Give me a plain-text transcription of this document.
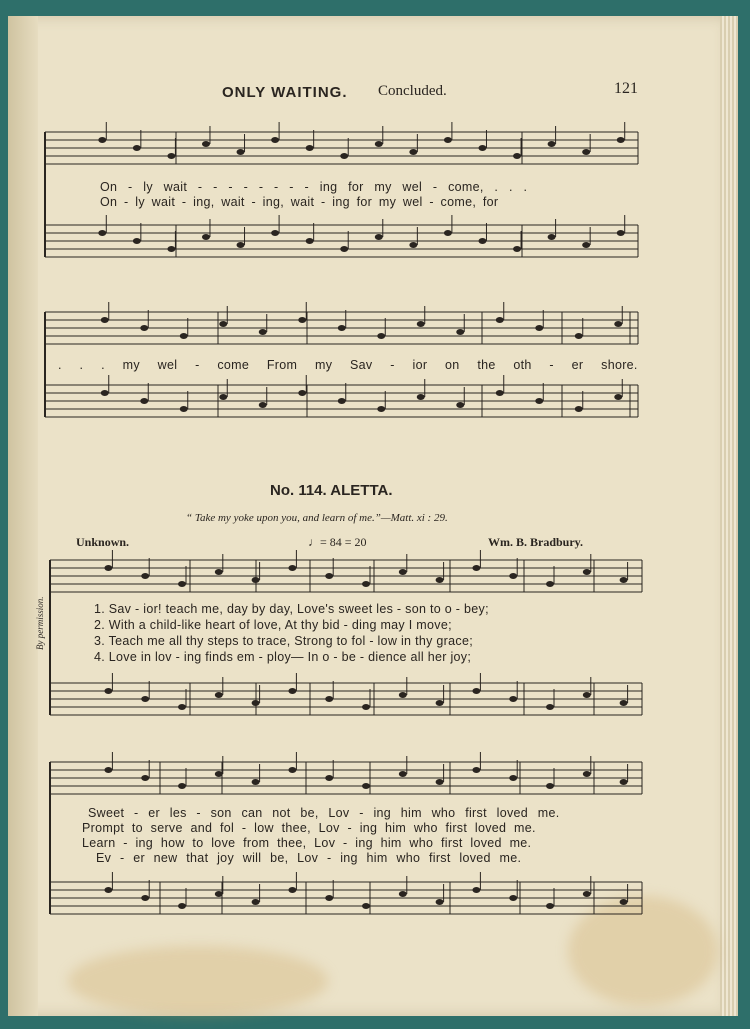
ONLY WAITING. Concluded.	121
On - ly wait - - - - - - - - ing for my wel - come, . . .
On - ly wait - ing, wait - ing, wait - ing for my wel - come, for
. . . my wel - come From my Sav - ior on the oth - er shore.
No. 114. ALETTA.
“ Take my yoke upon you, and learn of me.”—Matt. xi : 29.
Unknown.	♩= 84 = 20	Wm. B. Bradbury.
By permission.	1. Sav - ior! teach me, day by day, Love's sweet les - son to o - bey;
2. With a child-like heart of love, At thy bid - ding may I move;
3. Teach me all thy steps to trace, Strong to fol - low in thy grace;
4. Love in lov - ing finds em - ploy— In o - be - dience all her joy;
Sweet - er les - son can not be, Lov - ing him who first loved me.
Prompt to serve and fol - low thee, Lov - ing him who first loved me.
Learn - ing how to love from thee, Lov - ing him who first loved me.
Ev - er new that joy will be, Lov - ing him who first loved me.
